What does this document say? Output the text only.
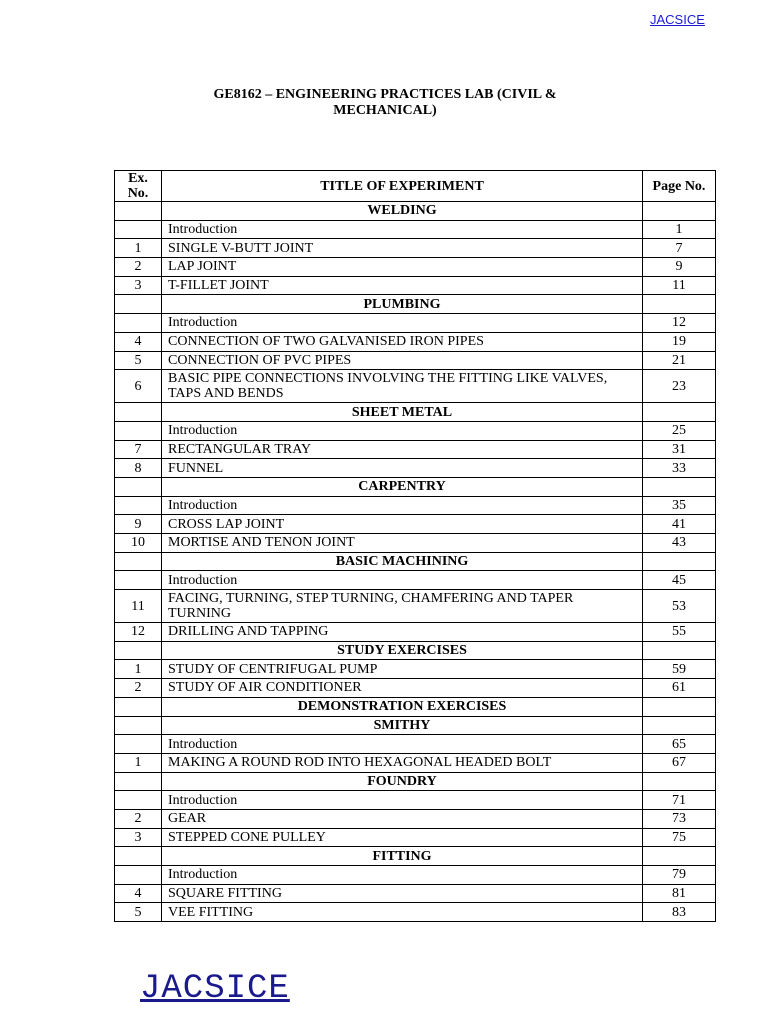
JACSICE
GE8162 – ENGINEERING PRACTICES LAB (CIVIL &
MECHANICAL)
Ex. No.	TITLE OF EXPERIMENT	Page No.
	WELDING	
	Introduction	1
1	SINGLE V-BUTT JOINT	7
2	LAP JOINT	9
3	T-FILLET JOINT	11
	PLUMBING	
	Introduction	12
4	CONNECTION OF TWO GALVANISED IRON PIPES	19
5	CONNECTION OF PVC PIPES	21
6	BASIC PIPE CONNECTIONS INVOLVING THE FITTING LIKE VALVES, TAPS AND BENDS	23
	SHEET METAL	
	Introduction	25
7	RECTANGULAR TRAY	31
8	FUNNEL	33
	CARPENTRY	
	Introduction	35
9	CROSS LAP JOINT	41
10	MORTISE AND TENON JOINT	43
	BASIC MACHINING	
	Introduction	45
11	FACING, TURNING, STEP TURNING, CHAMFERING AND TAPER TURNING	53
12	DRILLING AND TAPPING	55
	STUDY EXERCISES	
1	STUDY OF CENTRIFUGAL PUMP	59
2	STUDY OF AIR CONDITIONER	61
	DEMONSTRATION EXERCISES	
	SMITHY	
	Introduction	65
1	MAKING A ROUND ROD INTO HEXAGONAL HEADED BOLT	67
	FOUNDRY	
	Introduction	71
2	GEAR	73
3	STEPPED CONE PULLEY	75
	FITTING	
	Introduction	79
4	SQUARE FITTING	81
5	VEE FITTING	83
JACSICE
